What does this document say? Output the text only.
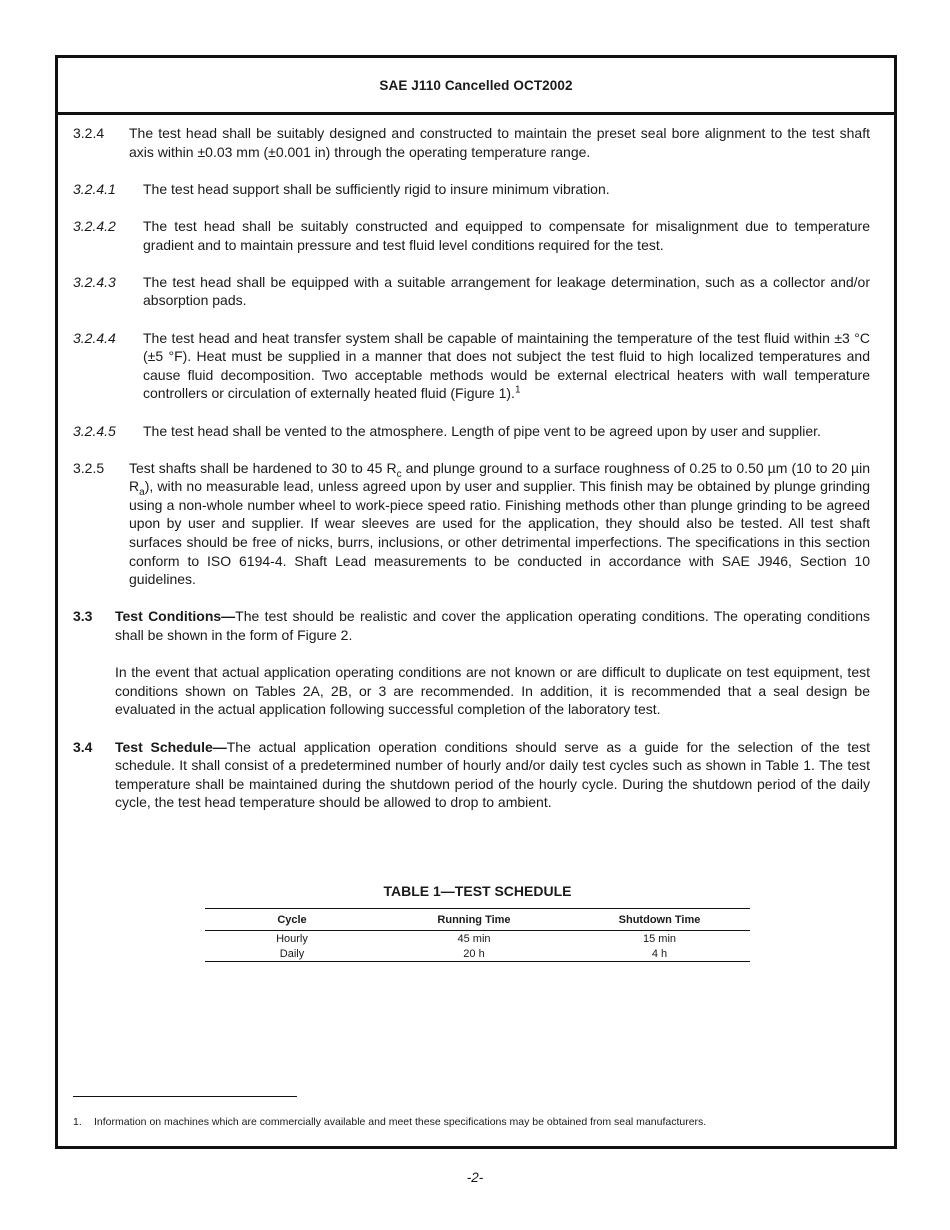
SAE J110 Cancelled OCT2002
3.2.4	The test head shall be suitably designed and constructed to maintain the preset seal bore alignment to the test shaft axis within ±0.03 mm (±0.001 in) through the operating temperature range.
3.2.4.1	The test head support shall be sufficiently rigid to insure minimum vibration.
3.2.4.2	The test head shall be suitably constructed and equipped to compensate for misalignment due to temperature gradient and to maintain pressure and test fluid level conditions required for the test.
3.2.4.3	The test head shall be equipped with a suitable arrangement for leakage determination, such as a collector and/or absorption pads.
3.2.4.4	The test head and heat transfer system shall be capable of maintaining the temperature of the test fluid within ±3 °C (±5 °F). Heat must be supplied in a manner that does not subject the test fluid to high localized temperatures and cause fluid decomposition. Two acceptable methods would be external electrical heaters with wall temperature controllers or circulation of externally heated fluid (Figure 1).$^1$
3.2.4.5	The test head shall be vented to the atmosphere. Length of pipe vent to be agreed upon by user and supplier.
3.2.5	Test shafts shall be hardened to 30 to 45 $R_c$ and plunge ground to a surface roughness of 0.25 to 0.50 µm (10 to 20 µin $R_a$), with no measurable lead, unless agreed upon by user and supplier. This finish may be obtained by plunge grinding using a non-whole number wheel to work-piece speed ratio. Finishing methods other than plunge grinding to be agreed upon by user and supplier. If wear sleeves are used for the application, they should also be tested. All test shaft surfaces should be free of nicks, burrs, inclusions, or other detrimental imperfections. The specifications in this section conform to ISO 6194-4. Shaft Lead measurements to be conducted in accordance with SAE J946, Section 10 guidelines.
3.3	Test Conditions—The test should be realistic and cover the application operating conditions. The operating conditions shall be shown in the form of Figure 2.
In the event that actual application operating conditions are not known or are difficult to duplicate on test equipment, test conditions shown on Tables 2A, 2B, or 3 are recommended. In addition, it is recommended that a seal design be evaluated in the actual application following successful completion of the laboratory test.
3.4	Test Schedule—The actual application operation conditions should serve as a guide for the selection of the test schedule. It shall consist of a predetermined number of hourly and/or daily test cycles such as shown in Table 1. The test temperature shall be maintained during the shutdown period of the hourly cycle. During the shutdown period of the daily cycle, the test head temperature should be allowed to drop to ambient.
TABLE 1—TEST SCHEDULE
Cycle	Running Time	Shutdown Time
Hourly	45 min	15 min
Daily	20 h	4 h
1. Information on machines which are commercially available and meet these specifications may be obtained from seal manufacturers.
-2-
